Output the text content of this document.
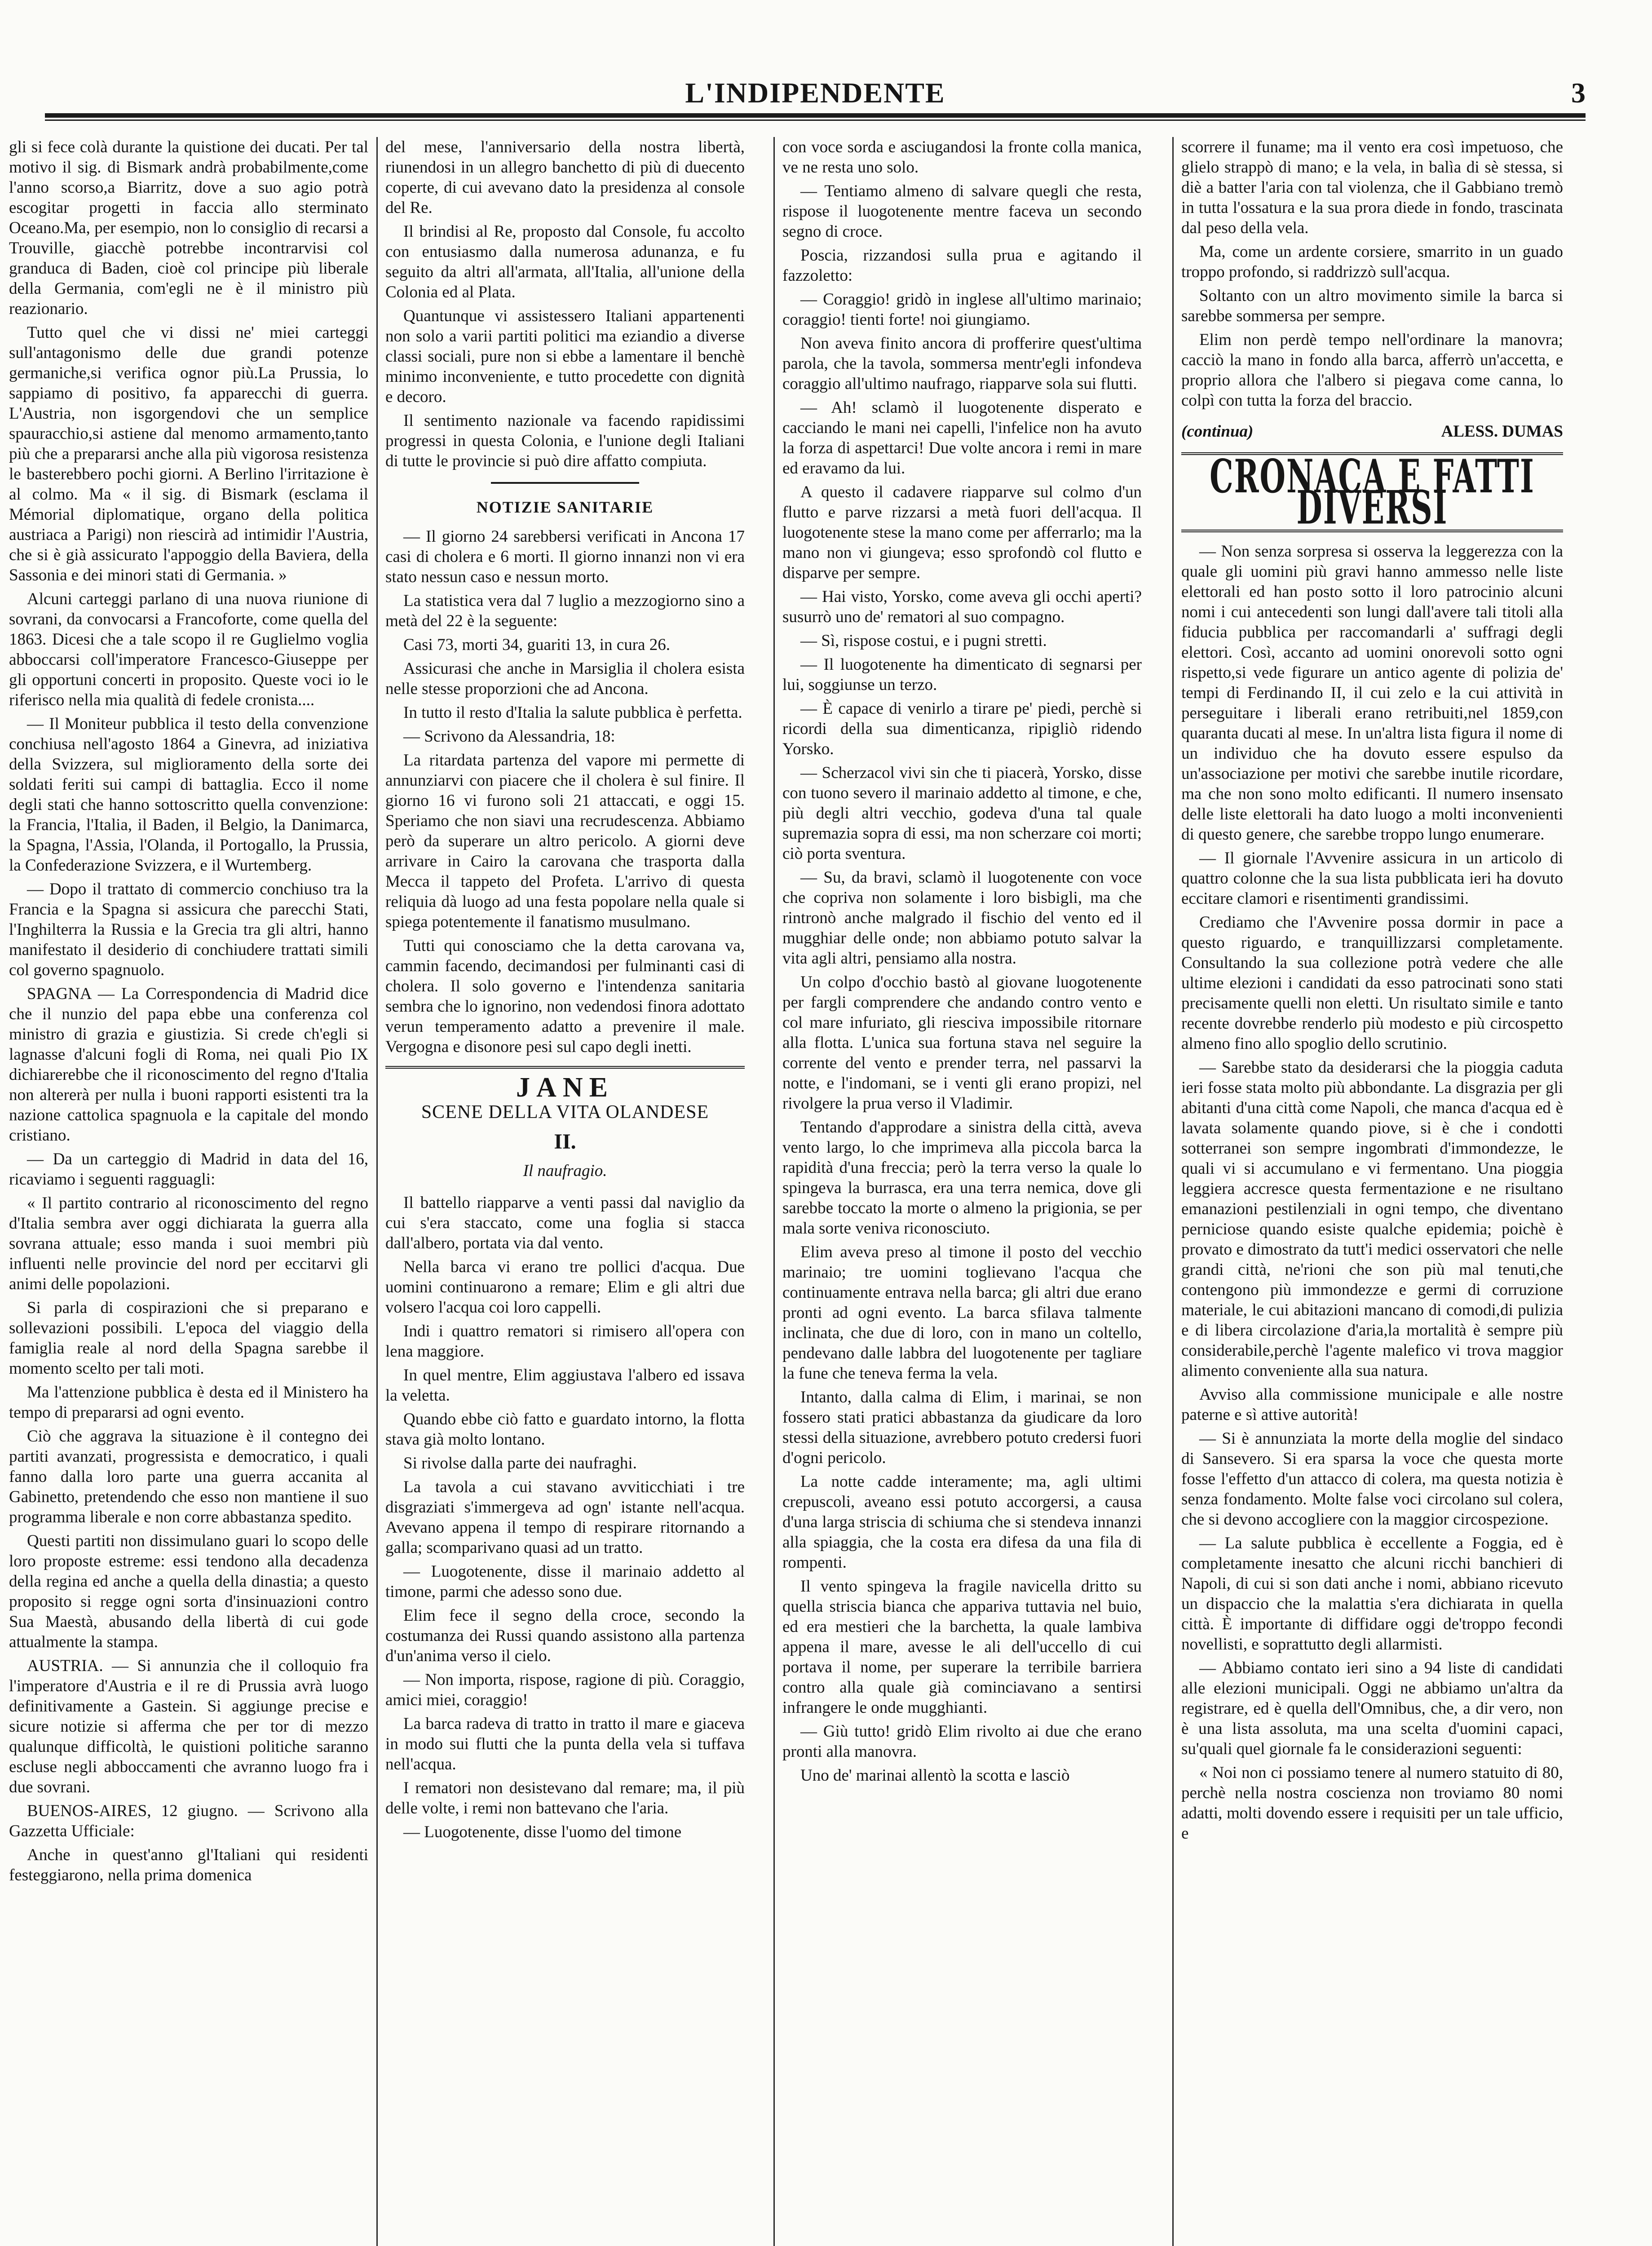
L'INDIPENDENTE	3

gli si fece colà durante la quistione dei ducati. Per tal motivo il sig. di Bismark andrà probabilmente,come l'anno scorso,a Biarritz, dove a suo agio potrà escogitar progetti in faccia allo sterminato Oceano.Ma, per esempio, non lo consiglio di recarsi a Trouville, giacchè potrebbe incontrarvisi col granduca di Baden, cioè col principe più liberale della Germania, com'egli ne è il ministro più reazionario.

Tutto quel che vi dissi ne' miei carteggi sull'antagonismo delle due grandi potenze germaniche,si verifica ognor più.La Prussia, lo sappiamo di positivo, fa apparecchi di guerra. L'Austria, non isgorgendovi che un semplice spauracchio,si astiene dal menomo armamento,tanto più che a prepararsi anche alla più vigorosa resistenza le basterebbero pochi giorni. A Berlino l'irritazione è al colmo. Ma « il sig. di Bismark (esclama il Mémorial diplomatique, organo della politica austriaca a Parigi) non riescirà ad intimidir l'Austria, che si è già assicurato l'appoggio della Baviera, della Sassonia e dei minori stati di Germania. »

Alcuni carteggi parlano di una nuova riunione di sovrani, da convocarsi a Francoforte, come quella del 1863. Dicesi che a tale scopo il re Guglielmo voglia abboccarsi coll'imperatore Francesco-Giuseppe per gli opportuni concerti in proposito. Queste voci io le riferisco nella mia qualità di fedele cronista....

— Il Moniteur pubblica il testo della convenzione conchiusa nell'agosto 1864 a Ginevra, ad iniziativa della Svizzera, sul miglioramento della sorte dei soldati feriti sui campi di battaglia. Ecco il nome degli stati che hanno sottoscritto quella convenzione: la Francia, l'Italia, il Baden, il Belgio, la Danimarca, la Spagna, l'Assia, l'Olanda, il Portogallo, la Prussia, la Confederazione Svizzera, e il Wurtemberg.

— Dopo il trattato di commercio conchiuso tra la Francia e la Spagna si assicura che parecchi Stati, l'Inghilterra la Russia e la Grecia tra gli altri, hanno manifestato il desiderio di conchiudere trattati simili col governo spagnuolo.

SPAGNA — La Correspondencia di Madrid dice che il nunzio del papa ebbe una conferenza col ministro di grazia e giustizia. Si crede ch'egli si lagnasse d'alcuni fogli di Roma, nei quali Pio IX dichiarerebbe che il riconoscimento del regno d'Italia non altererà per nulla i buoni rapporti esistenti tra la nazione cattolica spagnuola e la capitale del mondo cristiano.

— Da un carteggio di Madrid in data del 16, ricaviamo i seguenti ragguagli:

« Il partito contrario al riconoscimento del regno d'Italia sembra aver oggi dichiarata la guerra alla sovrana attuale; esso manda i suoi membri più influenti nelle provincie del nord per eccitarvi gli animi delle popolazioni.

Si parla di cospirazioni che si preparano e sollevazioni possibili. L'epoca del viaggio della famiglia reale al nord della Spagna sarebbe il momento scelto per tali moti.

Ma l'attenzione pubblica è desta ed il Ministero ha tempo di prepararsi ad ogni evento.

Ciò che aggrava la situazione è il contegno dei partiti avanzati, progressista e democratico, i quali fanno dalla loro parte una guerra accanita al Gabinetto, pretendendo che esso non mantiene il suo programma liberale e non corre abbastanza spedito.

Questi partiti non dissimulano guari lo scopo delle loro proposte estreme: essi tendono alla decadenza della regina ed anche a quella della dinastia; a questo proposito si regge ogni sorta d'insinuazioni contro Sua Maestà, abusando della libertà di cui gode attualmente la stampa.

AUSTRIA. — Si annunzia che il colloquio fra l'imperatore d'Austria e il re di Prussia avrà luogo definitivamente a Gastein. Si aggiunge precise e sicure notizie si afferma che per tor di mezzo qualunque difficoltà, le quistioni politiche saranno escluse negli abboccamenti che avranno luogo fra i due sovrani.

BUENOS-AIRES, 12 giugno. — Scrivono alla Gazzetta Ufficiale:

Anche in quest'anno gl'Italiani qui residenti festeggiarono, nella prima domenica

del mese, l'anniversario della nostra libertà, riunendosi in un allegro banchetto di più di duecento coperte, di cui avevano dato la presidenza al console del Re.

Il brindisi al Re, proposto dal Console, fu accolto con entusiasmo dalla numerosa adunanza, e fu seguito da altri all'armata, all'Italia, all'unione della Colonia ed al Plata.

Quantunque vi assistessero Italiani appartenenti non solo a varii partiti politici ma eziandio a diverse classi sociali, pure non si ebbe a lamentare il benchè minimo inconveniente, e tutto procedette con dignità e decoro.

Il sentimento nazionale va facendo rapidissimi progressi in questa Colonia, e l'unione degli Italiani di tutte le provincie si può dire affatto compiuta.

NOTIZIE SANITARIE

— Il giorno 24 sarebbersi verificati in Ancona 17 casi di cholera e 6 morti. Il giorno innanzi non vi era stato nessun caso e nessun morto.

La statistica vera dal 7 luglio a mezzogiorno sino a metà del 22 è la seguente:

Casi 73, morti 34, guariti 13, in cura 26.

Assicurasi che anche in Marsiglia il cholera esista nelle stesse proporzioni che ad Ancona.

In tutto il resto d'Italia la salute pubblica è perfetta.

— Scrivono da Alessandria, 18:

La ritardata partenza del vapore mi permette di annunziarvi con piacere che il cholera è sul finire. Il giorno 16 vi furono soli 21 attaccati, e oggi 15. Speriamo che non siavi una recrudescenza. Abbiamo però da superare un altro pericolo. A giorni deve arrivare in Cairo la carovana che trasporta dalla Mecca il tappeto del Profeta. L'arrivo di questa reliquia dà luogo ad una festa popolare nella quale si spiega potentemente il fanatismo musulmano.

Tutti qui conosciamo che la detta carovana va, cammin facendo, decimandosi per fulminanti casi di cholera. Il solo governo e l'intendenza sanitaria sembra che lo ignorino, non vedendosi finora adottato verun temperamento adatto a prevenire il male. Vergogna e disonore pesi sul capo degli inetti.

JANE
SCENE DELLA VITA OLANDESE
II.
Il naufragio.

Il battello riapparve a venti passi dal naviglio da cui s'era staccato, come una foglia si stacca dall'albero, portata via dal vento.

Nella barca vi erano tre pollici d'acqua. Due uomini continuarono a remare; Elim e gli altri due volsero l'acqua coi loro cappelli.

Indi i quattro rematori si rimisero all'opera con lena maggiore.

In quel mentre, Elim aggiustava l'albero ed issava la veletta.

Quando ebbe ciò fatto e guardato intorno, la flotta stava già molto lontano.

Si rivolse dalla parte dei naufraghi.

La tavola a cui stavano avviticchiati i tre disgraziati s'immergeva ad ogn' istante nell'acqua. Avevano appena il tempo di respirare ritornando a galla; scomparivano quasi ad un tratto.

— Luogotenente, disse il marinaio addetto al timone, parmi che adesso sono due.

Elim fece il segno della croce, secondo la costumanza dei Russi quando assistono alla partenza d'un'anima verso il cielo.

— Non importa, rispose, ragione di più. Coraggio, amici miei, coraggio!

La barca radeva di tratto in tratto il mare e giaceva in modo sui flutti che la punta della vela si tuffava nell'acqua.

I rematori non desistevano dal remare; ma, il più delle volte, i remi non battevano che l'aria.

— Luogotenente, disse l'uomo del timone

con voce sorda e asciugandosi la fronte colla manica, ve ne resta uno solo.

— Tentiamo almeno di salvare quegli che resta, rispose il luogotenente mentre faceva un secondo segno di croce.

Poscia, rizzandosi sulla prua e agitando il fazzoletto:

— Coraggio! gridò in inglese all'ultimo marinaio; coraggio! tienti forte! noi giungiamo.

Non aveva finito ancora di profferire quest'ultima parola, che la tavola, sommersa mentr'egli infondeva coraggio all'ultimo naufrago, riapparve sola sui flutti.

— Ah! sclamò il luogotenente disperato e cacciando le mani nei capelli, l'infelice non ha avuto la forza di aspettarci! Due volte ancora i remi in mare ed eravamo da lui.

A questo il cadavere riapparve sul colmo d'un flutto e parve rizzarsi a metà fuori dell'acqua. Il luogotenente stese la mano come per afferrarlo; ma la mano non vi giungeva; esso sprofondò col flutto e disparve per sempre.

— Hai visto, Yorsko, come aveva gli occhi aperti? susurrò uno de' rematori al suo compagno.

— Sì, rispose costui, e i pugni stretti.

— Il luogotenente ha dimenticato di segnarsi per lui, soggiunse un terzo.

— È capace di venirlo a tirare pe' piedi, perchè si ricordi della sua dimenticanza, ripigliò ridendo Yorsko.

— Scherzacol vivi sin che ti piacerà, Yorsko, disse con tuono severo il marinaio addetto al timone, e che, più degli altri vecchio, godeva d'una tal quale supremazia sopra di essi, ma non scherzare coi morti; ciò porta sventura.

— Su, da bravi, sclamò il luogotenente con voce che copriva non solamente i loro bisbigli, ma che rintronò anche malgrado il fischio del vento ed il mugghiar delle onde; non abbiamo potuto salvar la vita agli altri, pensiamo alla nostra.

Un colpo d'occhio bastò al giovane luogotenente per fargli comprendere che andando contro vento e col mare infuriato, gli riesciva impossibile ritornare alla flotta. L'unica sua fortuna stava nel seguire la corrente del vento e prender terra, nel passarvi la notte, e l'indomani, se i venti gli erano propizi, nel rivolgere la prua verso il Vladimir.

Tentando d'approdare a sinistra della città, aveva vento largo, lo che imprimeva alla piccola barca la rapidità d'una freccia; però la terra verso la quale lo spingeva la burrasca, era una terra nemica, dove gli sarebbe toccato la morte o almeno la prigionia, se per mala sorte veniva riconosciuto.

Elim aveva preso al timone il posto del vecchio marinaio; tre uomini toglievano l'acqua che continuamente entrava nella barca; gli altri due erano pronti ad ogni evento. La barca sfilava talmente inclinata, che due di loro, con in mano un coltello, pendevano dalle labbra del luogotenente per tagliare la fune che teneva ferma la vela.

Intanto, dalla calma di Elim, i marinai, se non fossero stati pratici abbastanza da giudicare da loro stessi della situazione, avrebbero potuto credersi fuori d'ogni pericolo.

La notte cadde interamente; ma, agli ultimi crepuscoli, aveano essi potuto accorgersi, a causa d'una larga striscia di schiuma che si stendeva innanzi alla spiaggia, che la costa era difesa da una fila di rompenti.

Il vento spingeva la fragile navicella dritto su quella striscia bianca che appariva tuttavia nel buio, ed era mestieri che la barchetta, la quale lambiva appena il mare, avesse le ali dell'uccello di cui portava il nome, per superare la terribile barriera contro alla quale già cominciavano a sentirsi infrangere le onde mugghianti.

— Giù tutto! gridò Elim rivolto ai due che erano pronti alla manovra.

Uno de' marinai allentò la scotta e lasciò

scorrere il funame; ma il vento era così impetuoso, che glielo strappò di mano; e la vela, in balìa di sè stessa, si diè a batter l'aria con tal violenza, che il Gabbiano tremò in tutta l'ossatura e la sua prora diede in fondo, trascinata dal peso della vela.

Ma, come un ardente corsiere, smarrito in un guado troppo profondo, si raddrizzò sull'acqua.

Soltanto con un altro movimento simile la barca si sarebbe sommersa per sempre.

Elim non perdè tempo nell'ordinare la manovra; cacciò la mano in fondo alla barca, afferrò un'accetta, e proprio allora che l'albero si piegava come canna, lo colpì con tutta la forza del braccio.

(continua)	ALESS. DUMAS
CRONACA E FATTI DIVERSI

— Non senza sorpresa si osserva la leggerezza con la quale gli uomini più gravi hanno ammesso nelle liste elettorali ed han posto sotto il loro patrocinio alcuni nomi i cui antecedenti son lungi dall'avere tali titoli alla fiducia pubblica per raccomandarli a' suffragi degli elettori. Così, accanto ad uomini onorevoli sotto ogni rispetto,si vede figurare un antico agente di polizia de' tempi di Ferdinando II, il cui zelo e la cui attività in perseguitare i liberali erano retribuiti,nel 1859,con quaranta ducati al mese. In un'altra lista figura il nome di un individuo che ha dovuto essere espulso da un'associazione per motivi che sarebbe inutile ricordare, ma che non sono molto edificanti. Il numero insensato delle liste elettorali ha dato luogo a molti inconvenienti di questo genere, che sarebbe troppo lungo enumerare.

— Il giornale l'Avvenire assicura in un articolo di quattro colonne che la sua lista pubblicata ieri ha dovuto eccitare clamori e risentimenti grandissimi.

Crediamo che l'Avvenire possa dormir in pace a questo riguardo, e tranquillizzarsi completamente. Consultando la sua collezione potrà vedere che alle ultime elezioni i candidati da esso patrocinati sono stati precisamente quelli non eletti. Un risultato simile e tanto recente dovrebbe renderlo più modesto e più circospetto almeno fino allo spoglio dello scrutinio.

— Sarebbe stato da desiderarsi che la pioggia caduta ieri fosse stata molto più abbondante. La disgrazia per gli abitanti d'una città come Napoli, che manca d'acqua ed è lavata solamente quando piove, si è che i condotti sotterranei son sempre ingombrati d'immondezze, le quali vi si accumulano e vi fermentano. Una pioggia leggiera accresce questa fermentazione e ne risultano emanazioni pestilenziali in ogni tempo, che diventano perniciose quando esiste qualche epidemia; poichè è provato e dimostrato da tutt'i medici osservatori che nelle grandi città, ne'rioni che son più mal tenuti,che contengono più immondezze e germi di corruzione materiale, le cui abitazioni mancano di comodi,di pulizia e di libera circolazione d'aria,la mortalità è sempre più considerabile,perchè l'agente malefico vi trova maggior alimento conveniente alla sua natura.

Avviso alla commissione municipale e alle nostre paterne e sì attive autorità!

— Si è annunziata la morte della moglie del sindaco di Sansevero. Si era sparsa la voce che questa morte fosse l'effetto d'un attacco di colera, ma questa notizia è senza fondamento. Molte false voci circolano sul colera, che si devono accogliere con la maggior circospezione.

— La salute pubblica è eccellente a Foggia, ed è completamente inesatto che alcuni ricchi banchieri di Napoli, di cui si son dati anche i nomi, abbiano ricevuto un dispaccio che la malattia s'era dichiarata in quella città. È importante di diffidare oggi de'troppo fecondi novellisti, e soprattutto degli allarmisti.

— Abbiamo contato ieri sino a 94 liste di candidati alle elezioni municipali. Oggi ne abbiamo un'altra da registrare, ed è quella dell'Omnibus, che, a dir vero, non è una lista assoluta, ma una scelta d'uomini capaci, su'quali quel giornale fa le considerazioni seguenti:

« Noi non ci possiamo tenere al numero statuito di 80, perchè nella nostra coscienza non troviamo 80 nomi adatti, molti dovendo essere i requisiti per un tale ufficio, e
